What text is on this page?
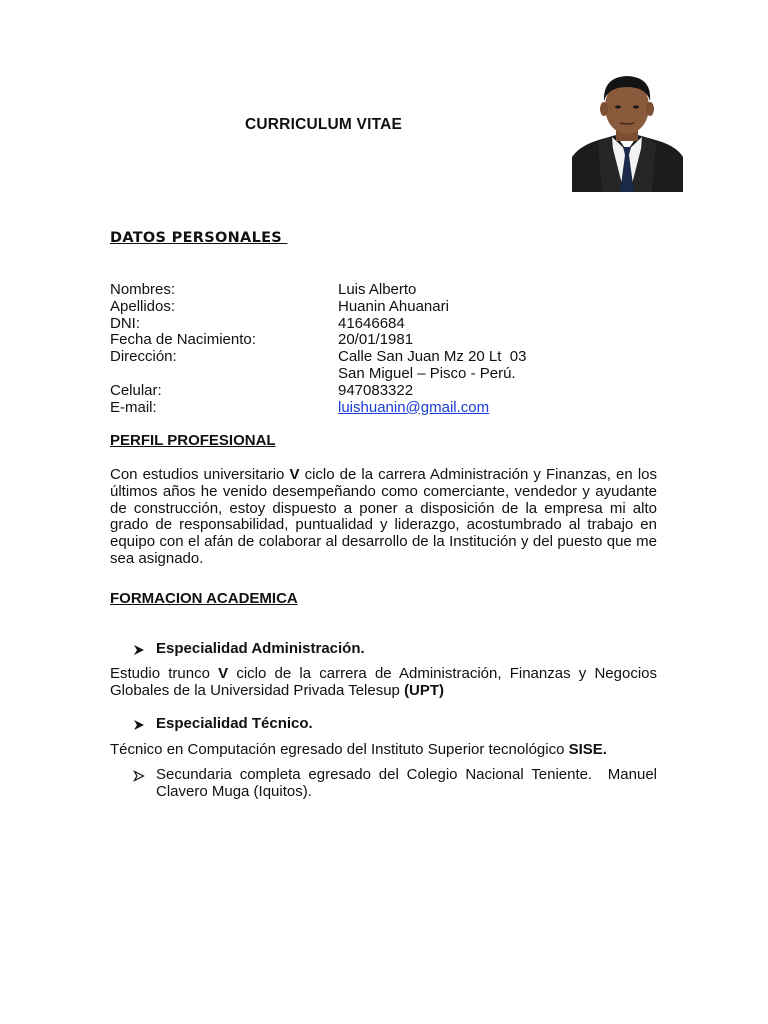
CURRICULUM VITAE
DATOS PERSONALES
Nombres:	Luis Alberto
Apellidos:	Huanin Ahuanari
DNI:	41646684
Fecha de Nacimiento:	20/01/1981
Dirección:	Calle San Juan Mz 20 Lt  03
San Miguel – Pisco - Perú.
Celular:	947083322
E-mail:	luishuanin@gmail.com
PERFIL PROFESIONAL
Con estudios universitario V ciclo de la carrera Administración y Finanzas, en los últimos años he venido desempeñando como comerciante, vendedor y ayudante de construcción, estoy dispuesto a poner a disposición de la empresa mi alto grado de responsabilidad, puntualidad y liderazgo, acostumbrado al trabajo en equipo con el afán de colaborar al desarrollo de la Institución y del puesto que me sea asignado.
FORMACION ACADEMICA
Especialidad Administración.
Estudio trunco V ciclo de la carrera de Administración, Finanzas y Negocios Globales de la Universidad Privada Telesup (UPT)
Especialidad Técnico.
Técnico en Computación egresado del Instituto Superior tecnológico SISE.
Secundaria completa egresado del Colegio Nacional Teniente.  Manuel Clavero Muga (Iquitos).
